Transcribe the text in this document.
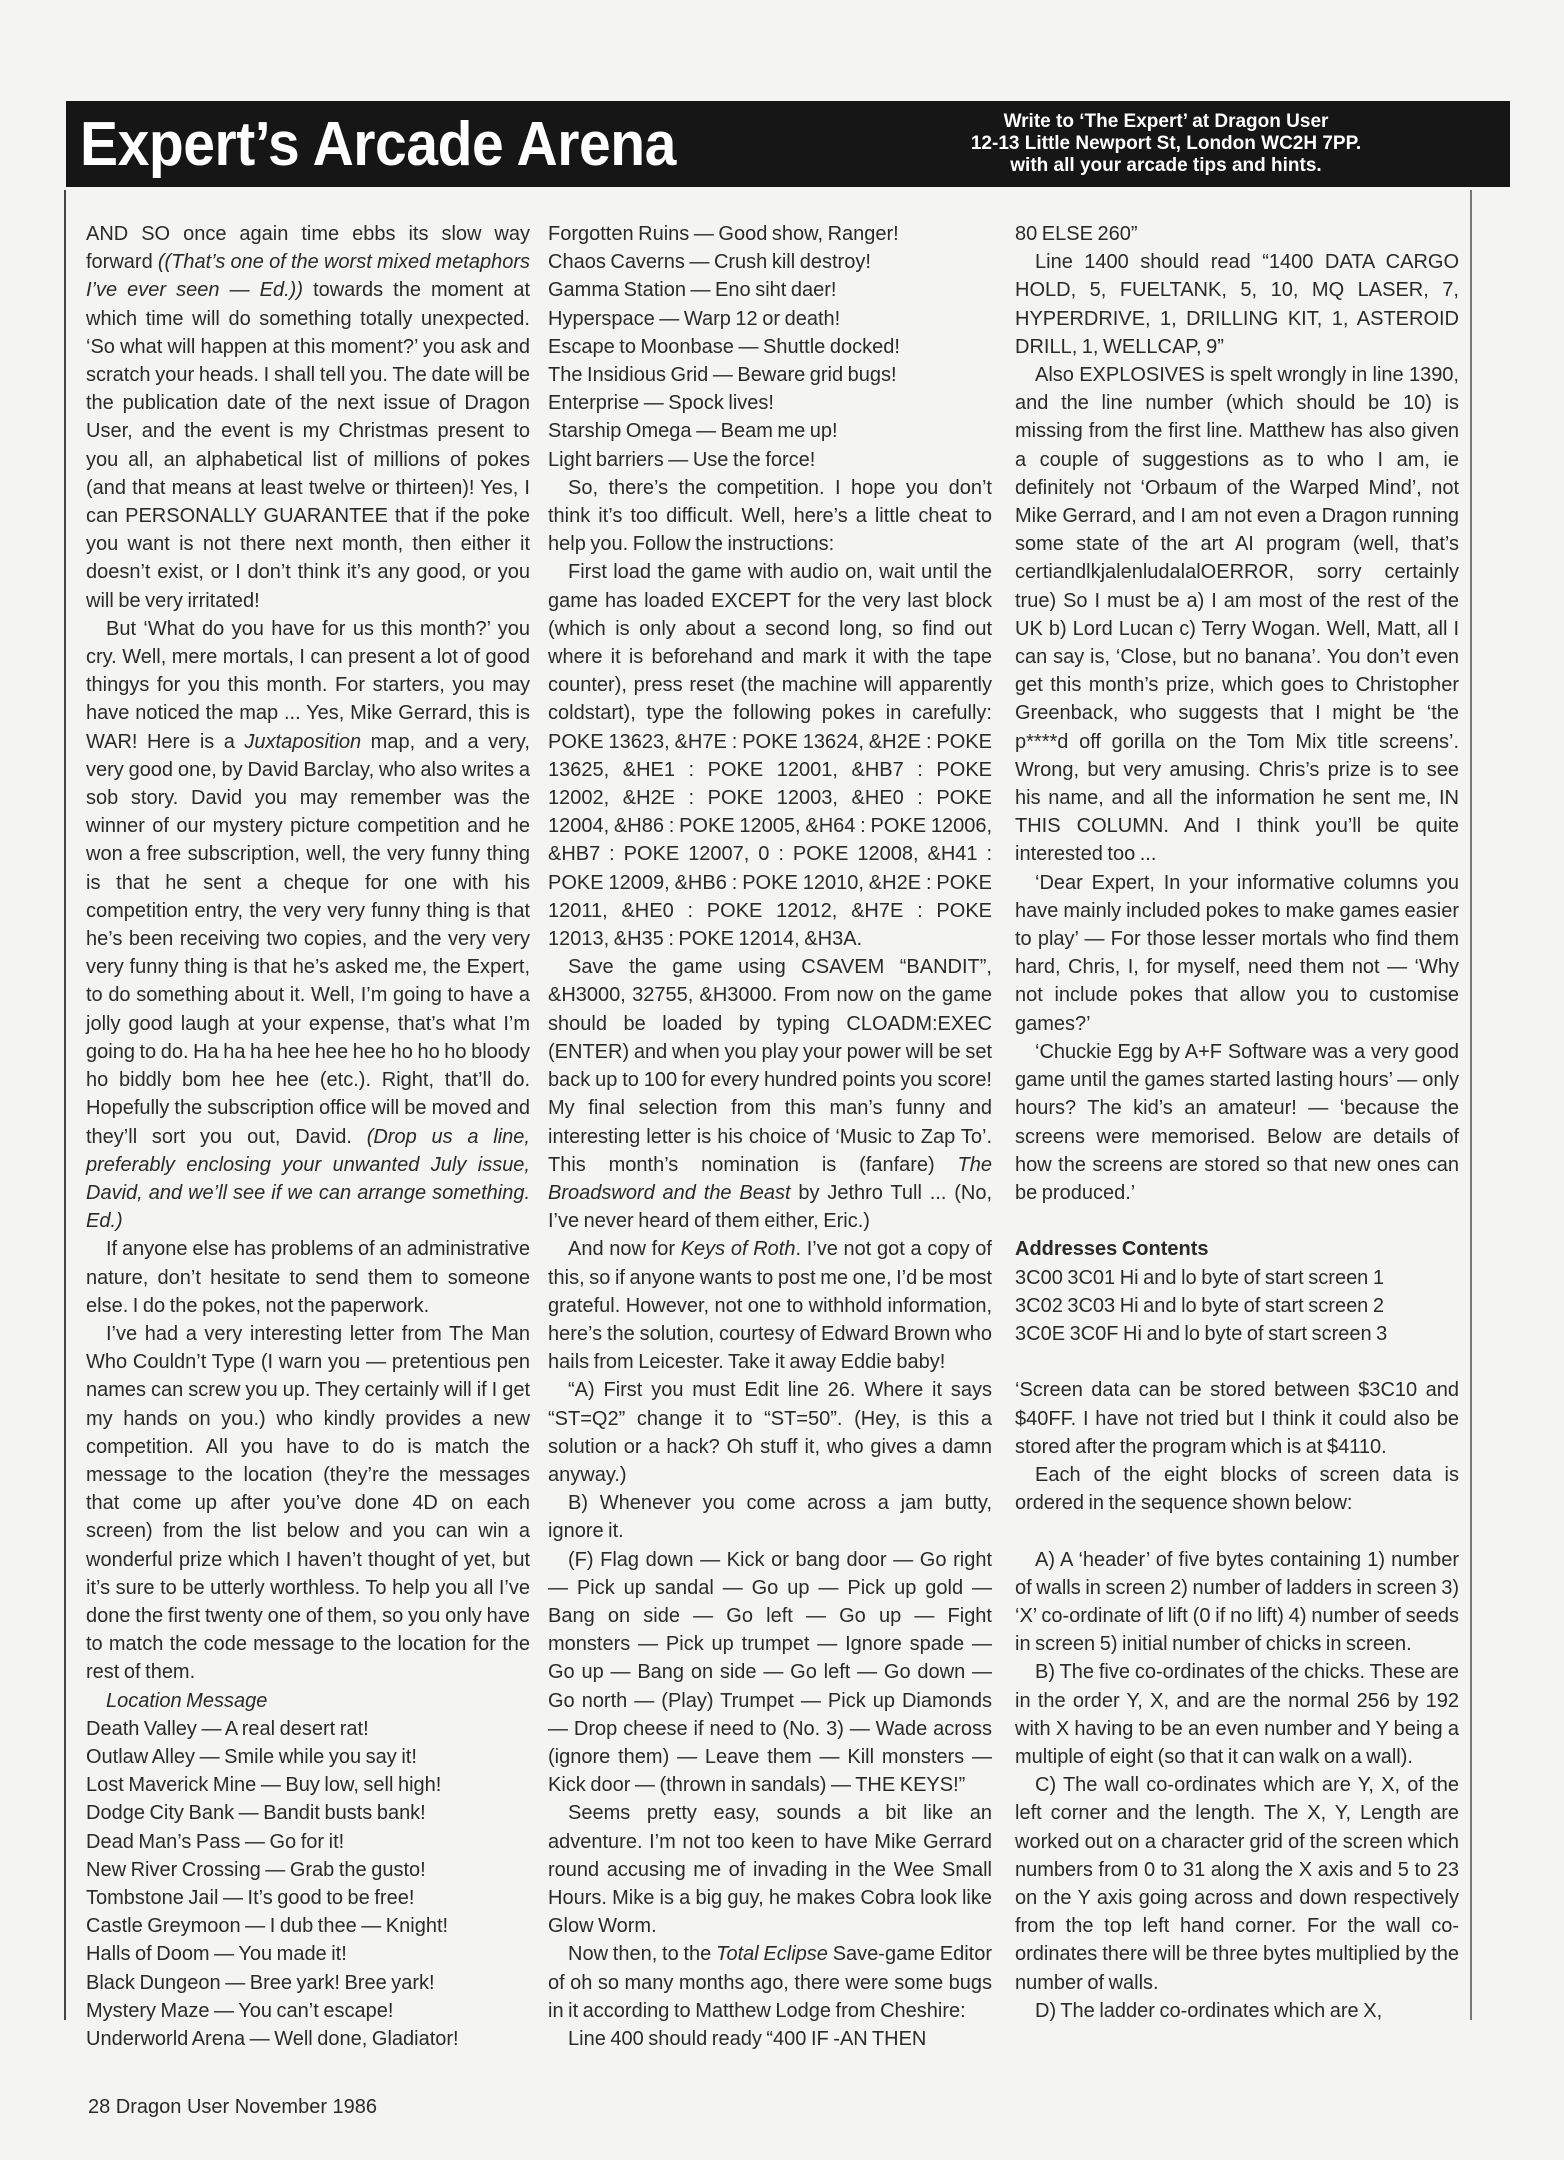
Expert’s Arcade Arena	Write to ‘The Expert’ at Dragon User
12-13 Little Newport St, London WC2H 7PP.
with all your arcade tips and hints.

AND SO once again time ebbs its slow way forward ((That’s one of the worst mixed metaphors I’ve ever seen — Ed.)) towards the moment at which time will do something totally unexpected. ‘So what will happen at this moment?’ you ask and scratch your heads. I shall tell you. The date will be the publication date of the next issue of Dragon User, and the event is my Christmas present to you all, an alphabetical list of millions of pokes (and that means at least twelve or thirteen)! Yes, I can PERSONALLY GUARANTEE that if the poke you want is not there next month, then either it doesn’t exist, or I don’t think it’s any good, or you will be very irritated!

But ‘What do you have for us this month?’ you cry. Well, mere mortals, I can present a lot of good thingys for you this month. For starters, you may have noticed the map ... Yes, Mike Gerrard, this is WAR! Here is a Juxtaposition map, and a very, very good one, by David Barclay, who also writes a sob story. David you may remember was the winner of our mystery picture competition and he won a free subscription, well, the very funny thing is that he sent a cheque for one with his competition entry, the very very funny thing is that he’s been receiving two copies, and the very very very funny thing is that he’s asked me, the Expert, to do something about it. Well, I’m going to have a jolly good laugh at your expense, that’s what I’m going to do. Ha ha ha hee hee hee ho ho ho bloody ho biddly bom hee hee (etc.). Right, that’ll do. Hopefully the subscription office will be moved and they’ll sort you out, David. (Drop us a line, preferably enclosing your unwanted July issue, David, and we’ll see if we can arrange something. Ed.)

If anyone else has problems of an administrative nature, don’t hesitate to send them to someone else. I do the pokes, not the paperwork.

I’ve had a very interesting letter from The Man Who Couldn’t Type (I warn you — pretentious pen names can screw you up. They certainly will if I get my hands on you.) who kindly provides a new competition. All you have to do is match the message to the location (they’re the messages that come up after you’ve done 4D on each screen) from the list below and you can win a wonderful prize which I haven’t thought of yet, but it’s sure to be utterly worthless. To help you all I’ve done the first twenty one of them, so you only have to match the code message to the location for the rest of them.

Location Message

Death Valley — A real desert rat!

Outlaw Alley — Smile while you say it!

Lost Maverick Mine — Buy low, sell high!

Dodge City Bank — Bandit busts bank!

Dead Man’s Pass — Go for it!

New River Crossing — Grab the gusto!

Tombstone Jail — It’s good to be free!

Castle Greymoon — I dub thee — Knight!

Halls of Doom — You made it!

Black Dungeon — Bree yark! Bree yark!

Mystery Maze — You can’t escape!

Underworld Arena — Well done, Gladiator!

Forgotten Ruins — Good show, Ranger!

Chaos Caverns — Crush kill destroy!

Gamma Station — Eno siht daer!

Hyperspace — Warp 12 or death!

Escape to Moonbase — Shuttle docked!

The Insidious Grid — Beware grid bugs!

Enterprise — Spock lives!

Starship Omega — Beam me up!

Light barriers — Use the force!

So, there’s the competition. I hope you don’t think it’s too difficult. Well, here’s a little cheat to help you. Follow the instructions:

First load the game with audio on, wait until the game has loaded EXCEPT for the very last block (which is only about a second long, so find out where it is beforehand and mark it with the tape counter), press reset (the machine will apparently coldstart), type the following pokes in carefully: POKE 13623, &H7E : POKE 13624, &H2E : POKE 13625, &HE1 : POKE 12001, &HB7 : POKE 12002, &H2E : POKE 12003, &HE0 : POKE 12004, &H86 : POKE 12005, &H64 : POKE 12006, &HB7 : POKE 12007, 0 : POKE 12008, &H41 : POKE 12009, &HB6 : POKE 12010, &H2E : POKE 12011, &HE0 : POKE 12012, &H7E : POKE 12013, &H35 : POKE 12014, &H3A.

Save the game using CSAVEM “BANDIT”, &H3000, 32755, &H3000. From now on the game should be loaded by typing CLOADM:EXEC (ENTER) and when you play your power will be set back up to 100 for every hundred points you score! My final selection from this man’s funny and interesting letter is his choice of ‘Music to Zap To’. This month’s nomination is (fanfare) The Broadsword and the Beast by Jethro Tull ... (No, I’ve never heard of them either, Eric.)

And now for Keys of Roth. I’ve not got a copy of this, so if anyone wants to post me one, I’d be most grateful. However, not one to withhold information, here’s the solution, courtesy of Edward Brown who hails from Leicester. Take it away Eddie baby!

“A) First you must Edit line 26. Where it says “ST=Q2” change it to “ST=50”. (Hey, is this a solution or a hack? Oh stuff it, who gives a damn anyway.)

B) Whenever you come across a jam butty, ignore it.

(F) Flag down — Kick or bang door — Go right — Pick up sandal — Go up — Pick up gold — Bang on side — Go left — Go up — Fight monsters — Pick up trumpet — Ignore spade — Go up — Bang on side — Go left — Go down — Go north — (Play) Trumpet — Pick up Diamonds — Drop cheese if need to (No. 3) — Wade across (ignore them) — Leave them — Kill monsters — Kick door — (thrown in sandals) — THE KEYS!”

Seems pretty easy, sounds a bit like an adventure. I’m not too keen to have Mike Gerrard round accusing me of invading in the Wee Small Hours. Mike is a big guy, he makes Cobra look like Glow Worm.

Now then, to the Total Eclipse Save-game Editor of oh so many months ago, there were some bugs in it according to Matthew Lodge from Cheshire:

Line 400 should ready “400 IF -AN THEN

80 ELSE 260”

Line 1400 should read “1400 DATA CARGO HOLD, 5, FUELTANK, 5, 10, MQ LASER, 7, HYPERDRIVE, 1, DRILLING KIT, 1, ASTEROID DRILL, 1, WELLCAP, 9”

Also EXPLOSIVES is spelt wrongly in line 1390, and the line number (which should be 10) is missing from the first line. Matthew has also given a couple of suggestions as to who I am, ie definitely not ‘Orbaum of the Warped Mind’, not Mike Gerrard, and I am not even a Dragon running some state of the art AI program (well, that’s certiandlkjalenludalalOERROR, sorry certainly true) So I must be a) I am most of the rest of the UK b) Lord Lucan c) Terry Wogan. Well, Matt, all I can say is, ‘Close, but no banana’. You don’t even get this month’s prize, which goes to Christopher Greenback, who suggests that I might be ‘the p****d off gorilla on the Tom Mix title screens’. Wrong, but very amusing. Chris’s prize is to see his name, and all the information he sent me, IN THIS COLUMN. And I think you’ll be quite interested too ...

‘Dear Expert, In your informative columns you have mainly included pokes to make games easier to play’ — For those lesser mortals who find them hard, Chris, I, for myself, need them not — ‘Why not include pokes that allow you to customise games?’

‘Chuckie Egg by A+F Software was a very good game until the games started lasting hours’ — only hours? The kid’s an amateur! — ‘because the screens were memorised. Below are details of how the screens are stored so that new ones can be produced.’

Addresses Contents

3C00 3C01 Hi and lo byte of start screen 1

3C02 3C03 Hi and lo byte of start screen 2

3C0E 3C0F Hi and lo byte of start screen 3

‘Screen data can be stored between $3C10 and $40FF. I have not tried but I think it could also be stored after the program which is at $4110.

Each of the eight blocks of screen data is ordered in the sequence shown below:

A) A ‘header’ of five bytes containing 1) number of walls in screen 2) number of ladders in screen 3) ‘X’ co-ordinate of lift (0 if no lift) 4) number of seeds in screen 5) initial number of chicks in screen.

B) The five co-ordinates of the chicks. These are in the order Y, X, and are the normal 256 by 192 with X having to be an even number and Y being a multiple of eight (so that it can walk on a wall).

C) The wall co-ordinates which are Y, X, of the left corner and the length. The X, Y, Length are worked out on a character grid of the screen which numbers from 0 to 31 along the X axis and 5 to 23 on the Y axis going across and down respectively from the top left hand corner. For the wall co-ordinates there will be three bytes multiplied by the number of walls.

D) The ladder co-ordinates which are X,

28 Dragon User November 1986
